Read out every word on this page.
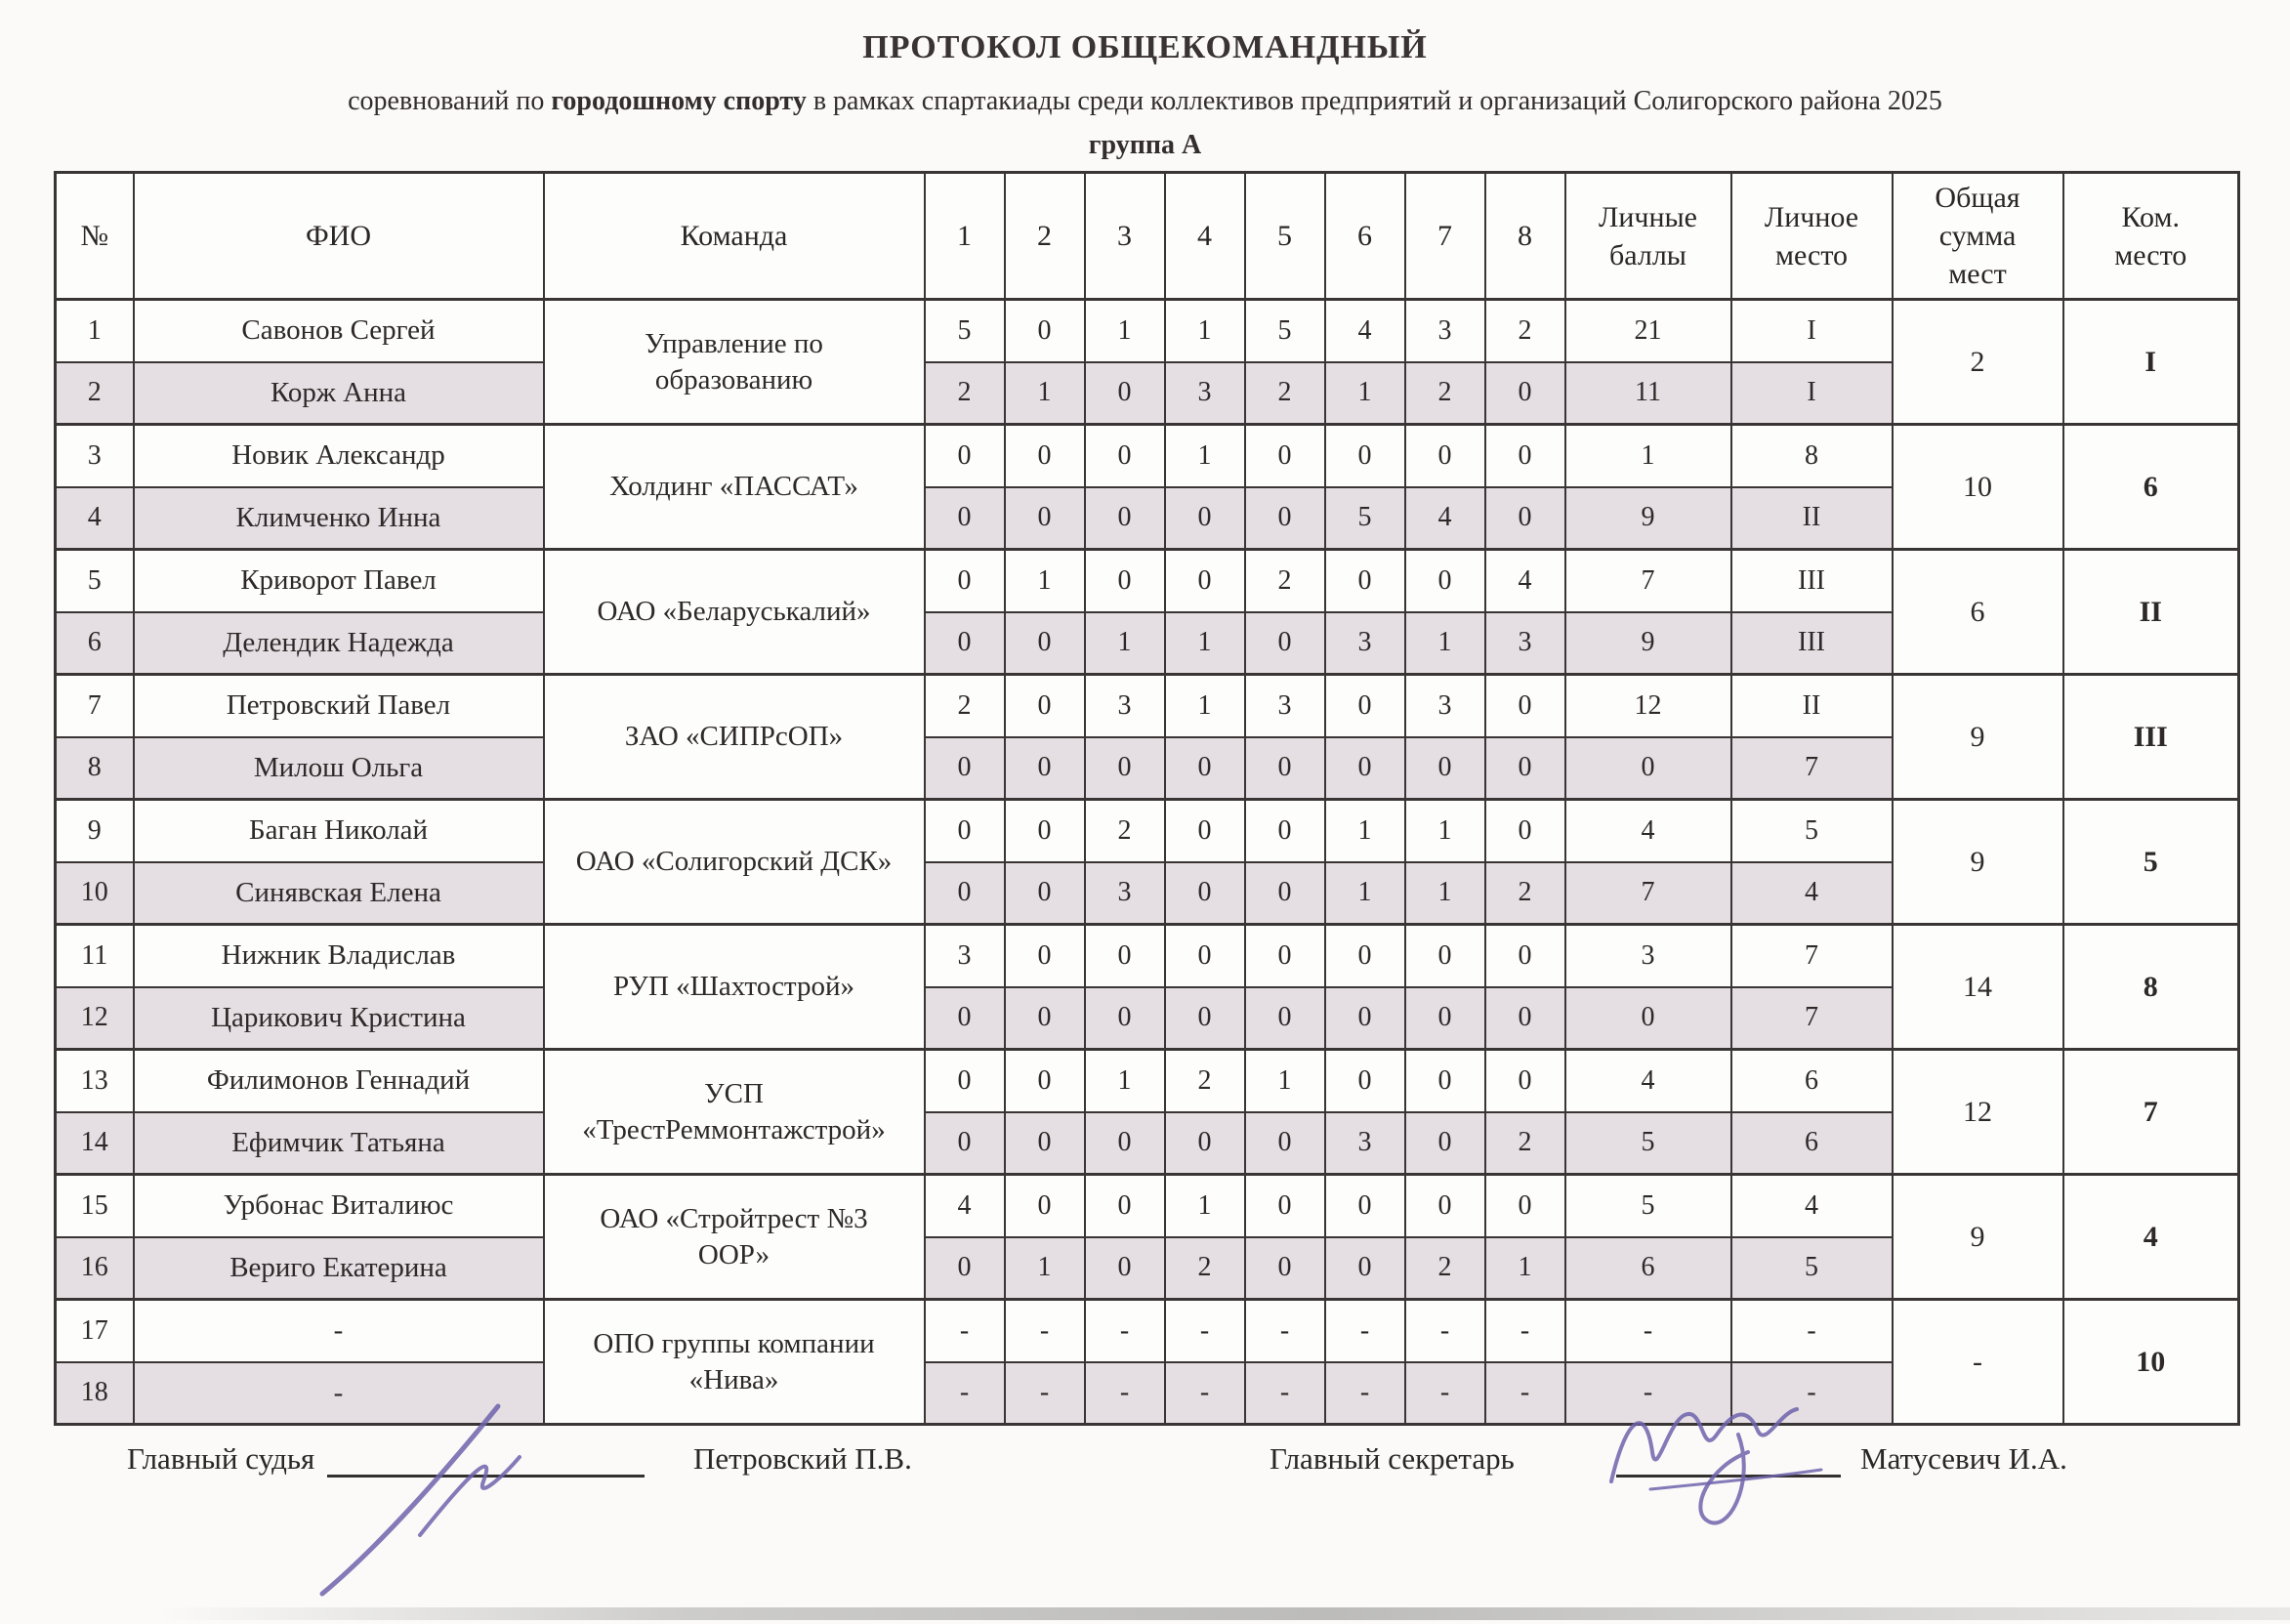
ПРОТОКОЛ ОБЩЕКОМАНДНЫЙ
соревнований по городошному спорту в рамках спартакиады среди коллективов предприятий и организаций Солигорского района 2025
группа А
№	ФИО	Команда	1	2	3	4	5	6	7	8	Личные баллы	Личное место	Общая сумма мест	Ком. место
1	Савонов Сергей	Управление по образованию	5	0	1	1	5	4	3	2	21	I	2	I
2	Корж Анна		2	1	0	3	2	1	2	0	11	I		
3	Новик Александр	Холдинг «ПАССАТ»	0	0	0	1	0	0	0	0	1	8	10	6
4	Климченко Инна		0	0	0	0	0	5	4	0	9	II		
5	Криворот Павел	ОАО «Беларуськалий»	0	1	0	0	2	0	0	4	7	III	6	II
6	Делендик Надежда		0	0	1	1	0	3	1	3	9	III		
7	Петровский Павел	ЗАО «СИПРсОП»	2	0	3	1	3	0	3	0	12	II	9	III
8	Милош Ольга		0	0	0	0	0	0	0	0	0	7		
9	Баган Николай	ОАО «Солигорский ДСК»	0	0	2	0	0	1	1	0	4	5	9	5
10	Синявская Елена		0	0	3	0	0	1	1	2	7	4		
11	Нижник Владислав	РУП «Шахтострой»	3	0	0	0	0	0	0	0	3	7	14	8
12	Царикович Кристина		0	0	0	0	0	0	0	0	0	7		
13	Филимонов Геннадий	УСП «ТрестРеммонтажстрой»	0	0	1	2	1	0	0	0	4	6	12	7
14	Ефимчик Татьяна		0	0	0	0	0	3	0	2	5	6		
15	Урбонас Виталиюс	ОАО «Стройтрест №3 ООР»	4	0	0	1	0	0	0	0	5	4	9	4
16	Вериго Екатерина		0	1	0	2	0	0	2	1	6	5		
17	-	ОПО группы компании «Нива»	-	-	-	-	-	-	-	-	-	-	-	10
18	-		-	-	-	-	-	-	-	-	-	-		
Главный судья	Петровский П.В.	Главный секретарь	Матусевич И.А.
